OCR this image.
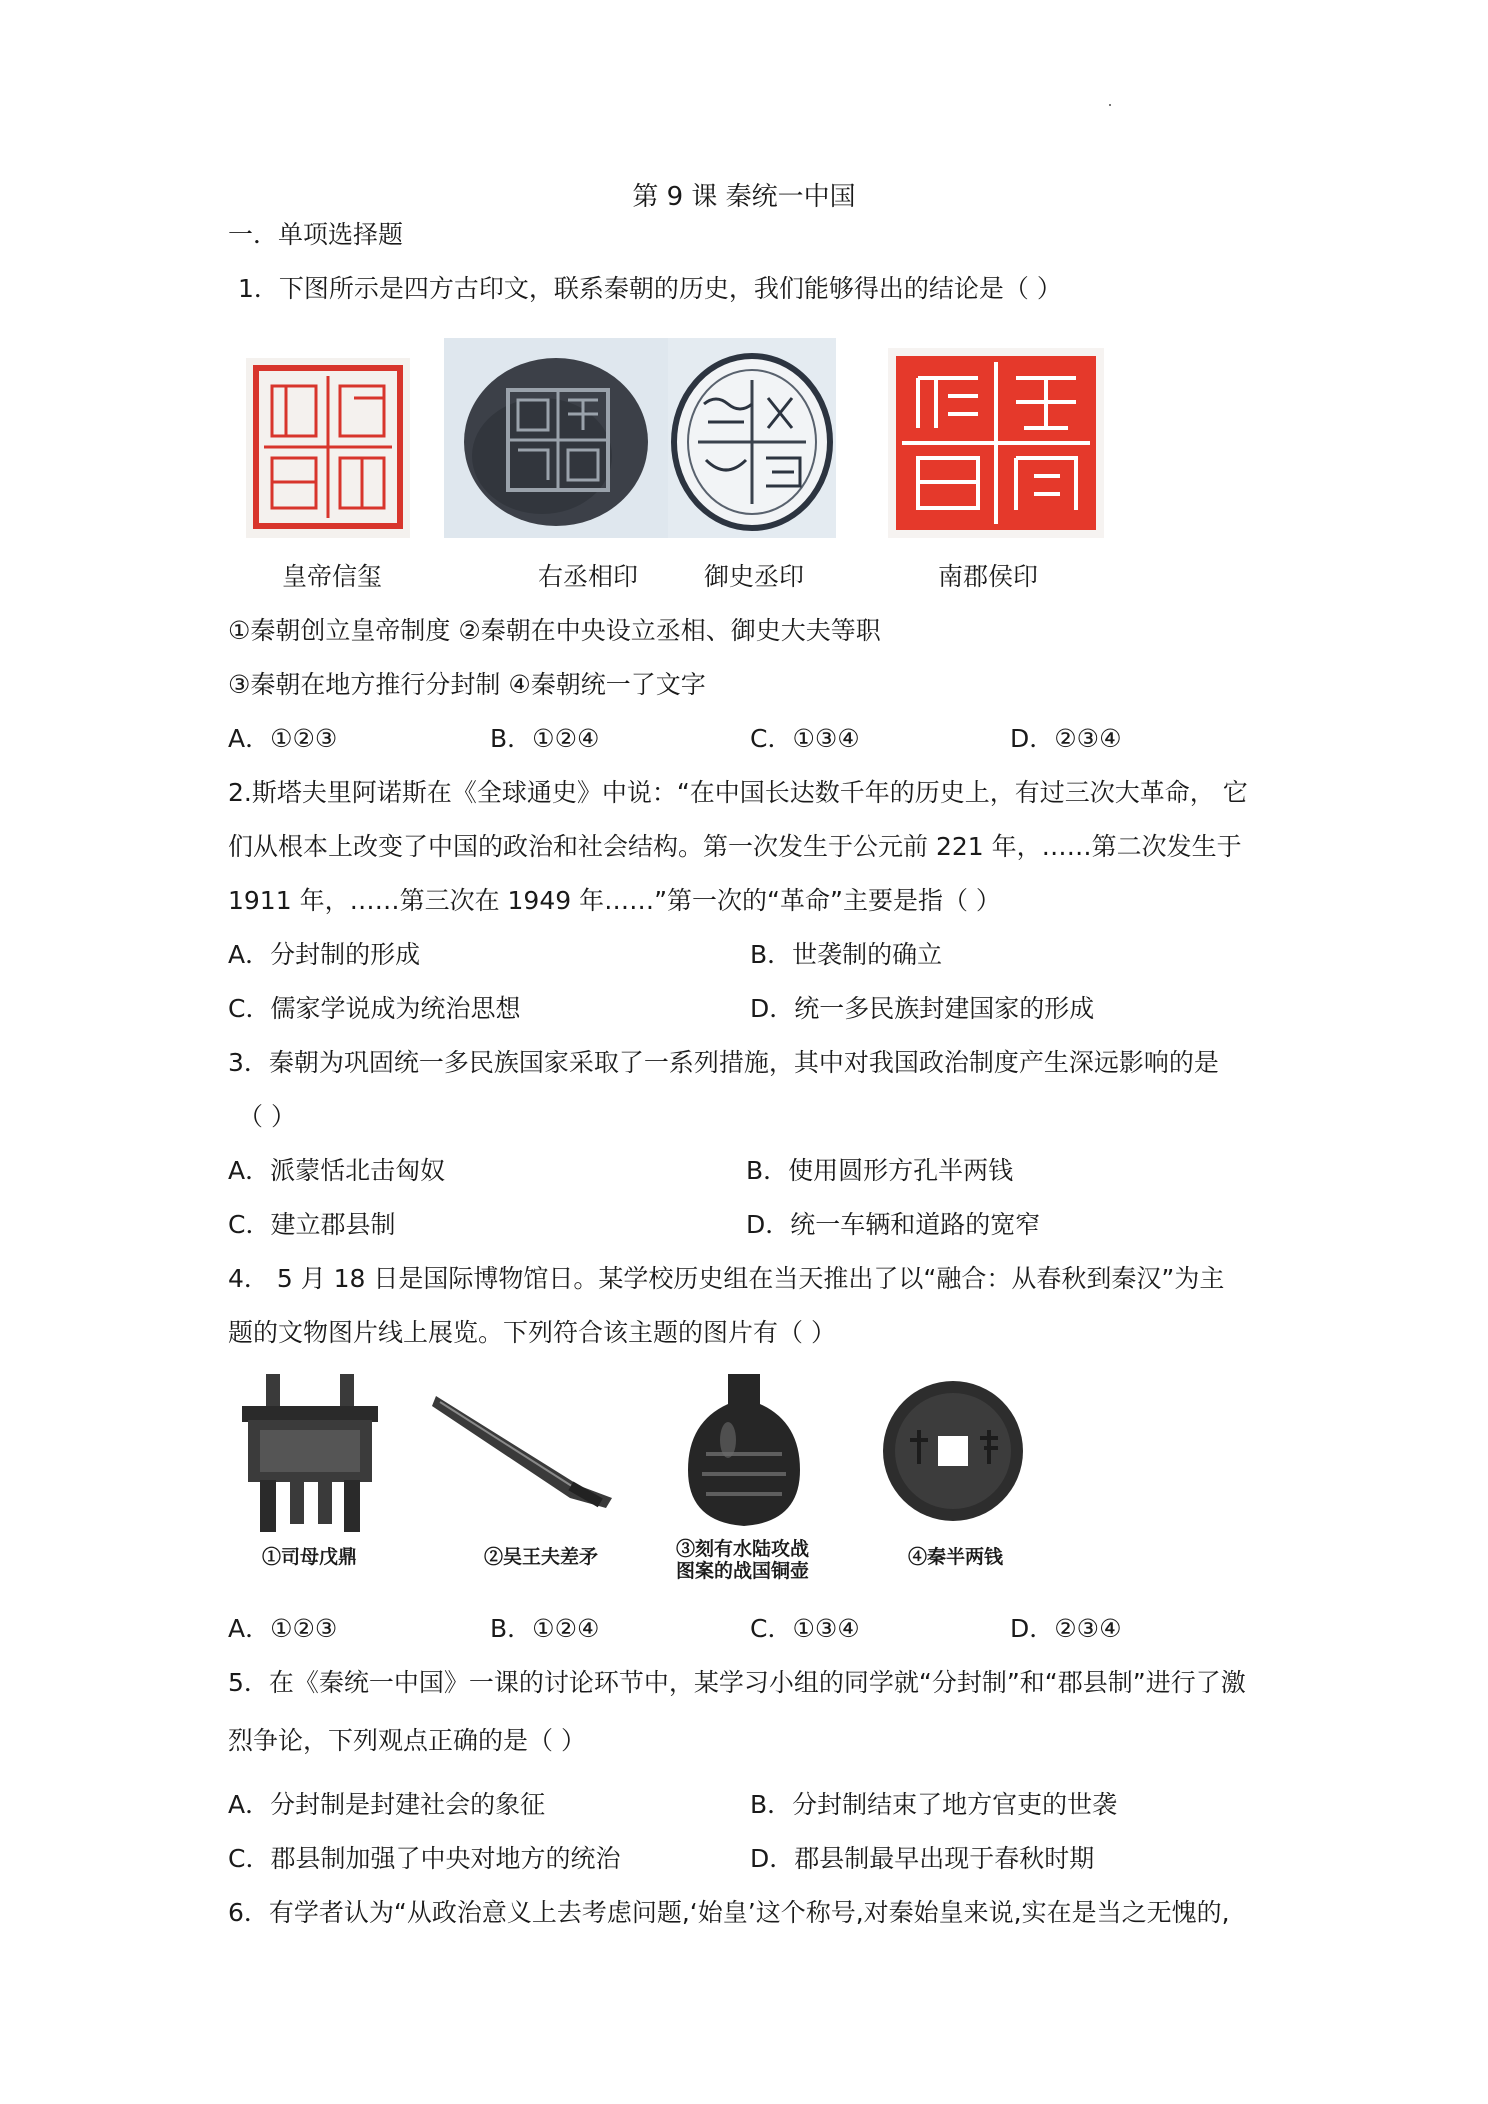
第 9 课 秦统一中国
一．单项选择题
1．下图所示是四方古印文，联系秦朝的历史，我们能够得出的结论是（ ）
皇帝信玺	右丞相印	御史丞印	南郡侯印
①秦朝创立皇帝制度 ②秦朝在中央设立丞相、御史大夫等职
③秦朝在地方推行分封制 ④秦朝统一了文字
A．①②③	B．①②④	C．①③④	D．②③④
2.斯塔夫里阿诺斯在《全球通史》中说：“在中国长达数千年的历史上，有过三次大革命， 它
们从根本上改变了中国的政治和社会结构。第一次发生于公元前 221 年，……第二次发生于
1911 年，……第三次在 1949 年……”第一次的“革命”主要是指（ ）
A．分封制的形成	B．世袭制的确立
C．儒家学说成为统治思想	D．统一多民族封建国家的形成
3．秦朝为巩固统一多民族国家采取了一系列措施，其中对我国政治制度产生深远影响的是
（ ）
A．派蒙恬北击匈奴	B．使用圆形方孔半两钱
C．建立郡县制	D．统一车辆和道路的宽窄
4． 5 月 18 日是国际博物馆日。某学校历史组在当天推出了以“融合：从春秋到秦汉”为主
题的文物图片线上展览。下列符合该主题的图片有（ ）
①司母戊鼎	②吴王夫差矛	③刻有水陆攻战
图案的战国铜壶
④秦半两钱
A．①②③	B．①②④	C．①③④	D．②③④
5．在《秦统一中国》一课的讨论环节中，某学习小组的同学就“分封制”和“郡县制”进行了激
烈争论，下列观点正确的是（ ）
A．分封制是封建社会的象征	B．分封制结束了地方官吏的世袭
C．郡县制加强了中央对地方的统治	D．郡县制最早出现于春秋时期
6．有学者认为“从政治意义上去考虑问题,‘始皇’这个称号,对秦始皇来说,实在是当之无愧的,
